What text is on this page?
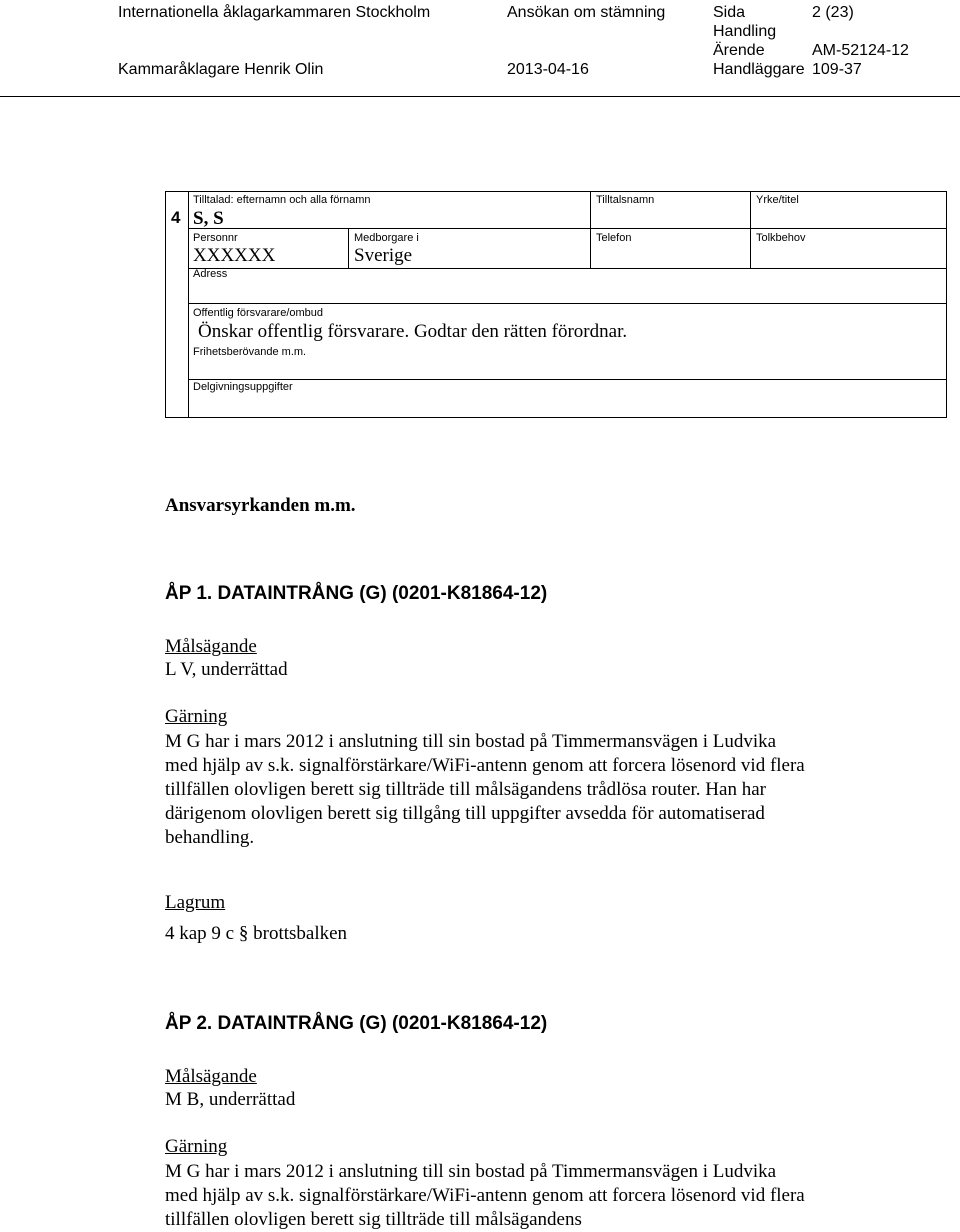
Internationella åklagarkammaren Stockholm	Ansökan om stämning	Sida	2 (23)
Handling
Ärende	AM-52124-12
Kammaråklagare Henrik Olin	2013-04-16	Handläggare 109-37
4
Tilltalad: efternamn och alla förnamn
S, S
Tilltalsnamn	Yrke/titel
Personnr
XXXXXX
Medborgare i
Sverige
Telefon	Tolkbehov
Adress
Offentlig försvarare/ombud
Önskar offentlig försvarare. Godtar den rätten förordnar.
Frihetsberövande m.m.
Delgivningsuppgifter
Ansvarsyrkanden m.m.
ÅP 1. DATAINTRÅNG (G) (0201-K81864-12)
Målsägande
L V, underrättad
Gärning

M G har i mars 2012 i anslutning till sin bostad på Timmermansvägen i Ludvika med hjälp av s.k. signalförstärkare/WiFi-antenn genom att forcera lösenord vid flera tillfällen olovligen berett sig tillträde till målsägandens trådlösa router. Han har därigenom olovligen berett sig tillgång till uppgifter avsedda för automatiserad behandling.

Lagrum
4 kap 9 c § brottsbalken
ÅP 2. DATAINTRÅNG (G) (0201-K81864-12)
Målsägande
M B, underrättad
Gärning

M G har i mars 2012 i anslutning till sin bostad på Timmermansvägen i Ludvika med hjälp av s.k. signalförstärkare/WiFi-antenn genom att forcera lösenord vid flera tillfällen olovligen berett sig tillträde till målsägandens
